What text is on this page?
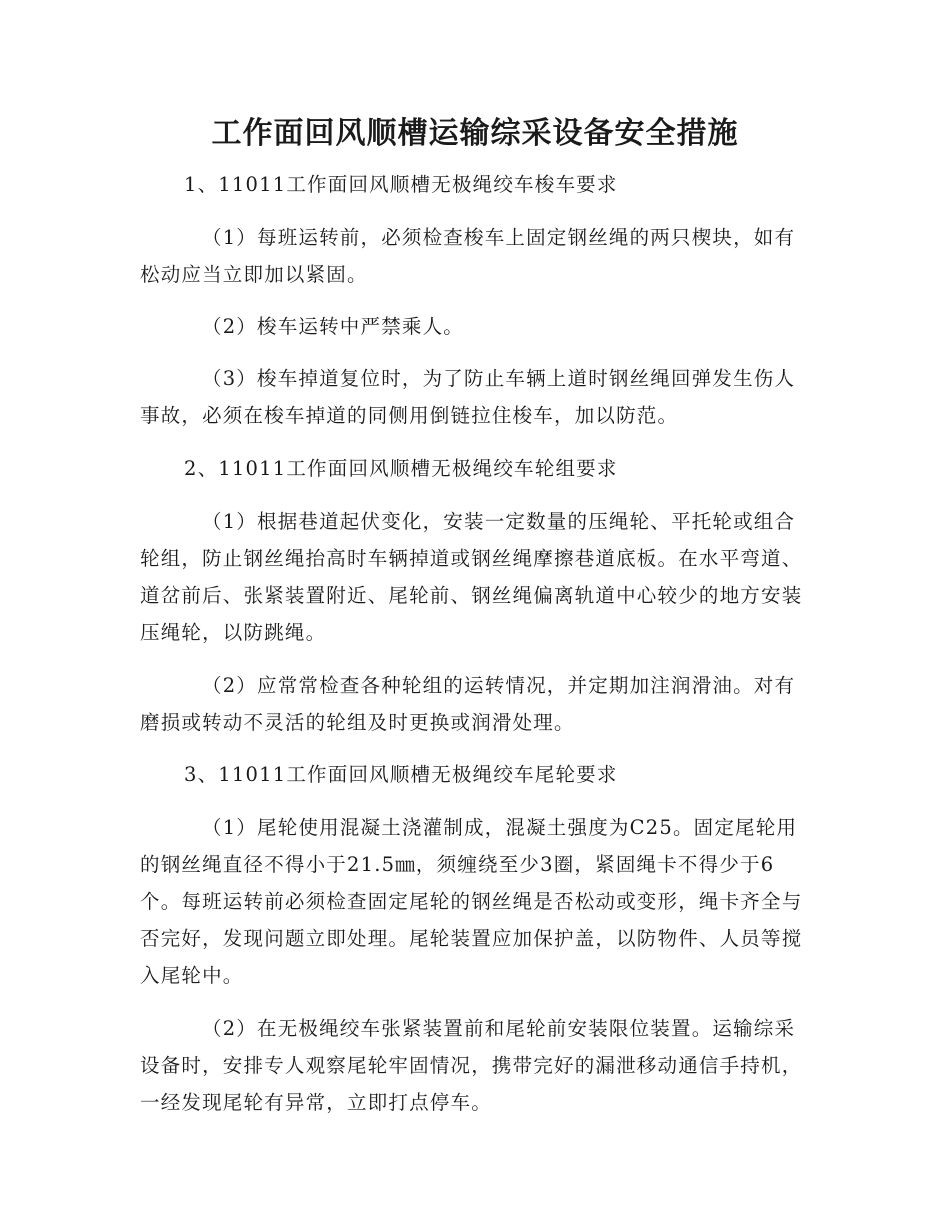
工作面回风顺槽运输综采设备安全措施

1、11011工作面回风顺槽无极绳绞车梭车要求

（1）每班运转前，必须检查梭车上固定钢丝绳的两只楔块，如有松动应当立即加以紧固。

（2）梭车运转中严禁乘人。

（3）梭车掉道复位时，为了防止车辆上道时钢丝绳回弹发生伤人事故，必须在梭车掉道的同侧用倒链拉住梭车，加以防范。

2、11011工作面回风顺槽无极绳绞车轮组要求

（1）根据巷道起伏变化，安装一定数量的压绳轮、平托轮或组合轮组，防止钢丝绳抬高时车辆掉道或钢丝绳摩擦巷道底板。在水平弯道、道岔前后、张紧装置附近、尾轮前、钢丝绳偏离轨道中心较少的地方安装压绳轮，以防跳绳。

（2）应常常检查各种轮组的运转情况，并定期加注润滑油。对有磨损或转动不灵活的轮组及时更换或润滑处理。

3、11011工作面回风顺槽无极绳绞车尾轮要求

（1）尾轮使用混凝土浇灌制成，混凝土强度为C25。固定尾轮用的钢丝绳直径不得小于21.5㎜，须缠绕至少3圈，紧固绳卡不得少于6个。每班运转前必须检查固定尾轮的钢丝绳是否松动或变形，绳卡齐全与否完好，发现问题立即处理。尾轮装置应加保护盖，以防物件、人员等搅入尾轮中。

（2）在无极绳绞车张紧装置前和尾轮前安装限位装置。运输综采设备时，安排专人观察尾轮牢固情况，携带完好的漏泄移动通信手持机，一经发现尾轮有异常，立即打点停车。
